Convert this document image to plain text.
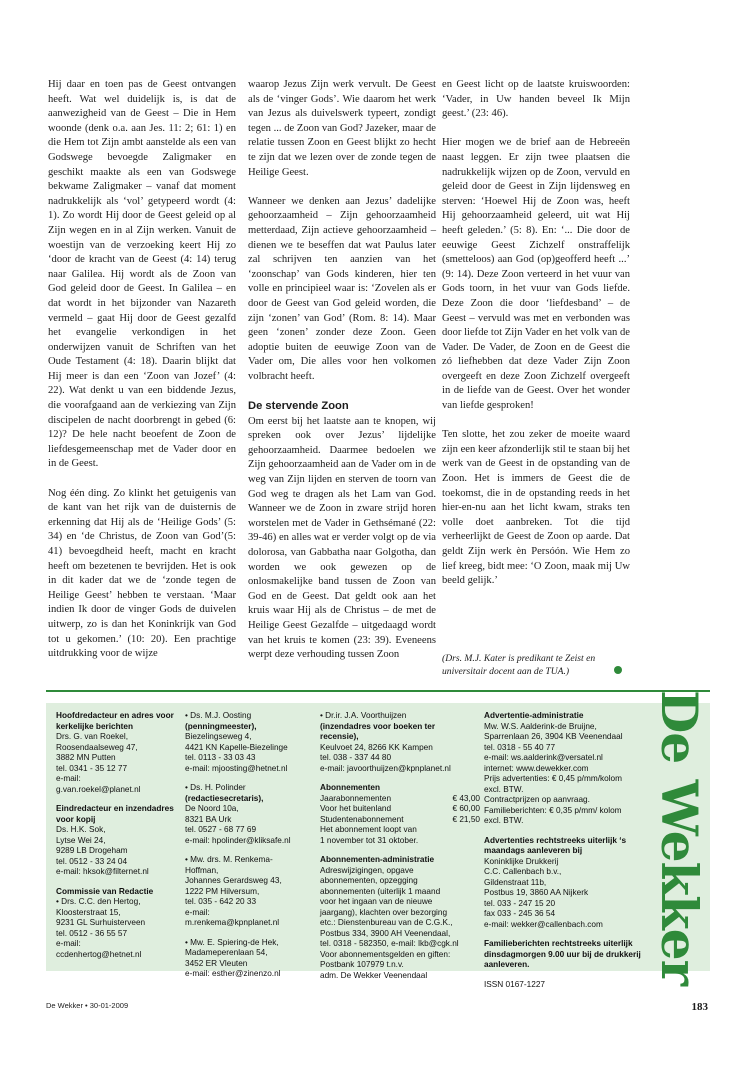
Hij daar en toen pas de Geest ontvangen heeft. Wat wel duidelijk is, is dat de aanwezigheid van de Geest – Die in Hem woonde (denk o.a. aan Jes. 11: 2; 61: 1) en die Hem tot Zijn ambt aanstelde als een van Godswege bevoegde Zaligmaker en geschikt maakte als een van Godswege bekwame Zaligmaker – vanaf dat moment nadrukkelijk als ‘vol’ getypeerd wordt (4: 1). Zo wordt Hij door de Geest geleid op al Zijn wegen en in al Zijn werken. Vanuit de woestijn van de verzoeking keert Hij zo ‘door de kracht van de Geest (4: 14) terug naar Galilea. Hij wordt als de Zoon van God geleid door de Geest. In Galilea – en dat wordt in het bijzonder van Nazareth vermeld – gaat Hij door de Geest gezalfd het evangelie verkondigen in het onderwijzen vanuit de Schriften van het Oude Testament (4: 18). Daarin blijkt dat Hij meer is dan een ‘Zoon van Jozef’ (4: 22). Wat denkt u van een biddende Jezus, die voorafgaand aan de verkiezing van Zijn discipelen de nacht doorbrengt in gebed (6: 12)? De hele nacht beoefent de Zoon de liefdesgemeenschap met de Vader door en in de Geest.

Nog één ding. Zo klinkt het getuigenis van de kant van het rijk van de duisternis de erkenning dat Hij als de ‘Heilige Gods’ (5: 34) en ‘de Christus, de Zoon van God’(5: 41) bevoegdheid heeft, macht en kracht heeft om bezetenen te bevrijden. Het is ook in dit kader dat we de ‘zonde tegen de Heilige Geest’ hebben te verstaan. ‘Maar indien Ik door de vinger Gods de duivelen uitwerp, zo is dan het Koninkrijk van God tot u gekomen.’ (10: 20). Een prachtige uitdrukking voor de wijze

waarop Jezus Zijn werk vervult. De Geest als de ‘vinger Gods’. Wie daarom het werk van Jezus als duivelswerk typeert, zondigt tegen ... de Zoon van God? Jazeker, maar de relatie tussen Zoon en Geest blijkt zo hecht te zijn dat we lezen over de zonde tegen de Heilige Geest.

Wanneer we denken aan Jezus’ dadelijke gehoorzaamheid – Zijn gehoorzaamheid metterdaad, Zijn actieve gehoorzaamheid – dienen we te beseffen dat wat Paulus later zal schrijven ten aanzien van het ‘zoonschap’ van Gods kinderen, hier ten volle en principieel waar is: ‘Zovelen als er door de Geest van God geleid worden, die zijn ‘zonen’ van God’ (Rom. 8: 14). Maar geen ‘zonen’ zonder deze Zoon. Geen adoptie buiten de eeuwige Zoon van de Vader om, Die alles voor hen volkomen volbracht heeft.

De stervende Zoon

Om eerst bij het laatste aan te knopen, wij spreken ook over Jezus’ lijdelijke gehoorzaamheid. Daarmee bedoelen we Zijn gehoorzaamheid aan de Vader om in de weg van Zijn lijden en sterven de toorn van God weg te dragen als het Lam van God. Wanneer we de Zoon in zware strijd horen worstelen met de Vader in Gethsémané (22: 39-46) en alles wat er verder volgt op de via dolorosa, van Gabbatha naar Golgotha, dan worden we ook gewezen op de onlosmakelijke band tussen de Zoon van God en de Geest. Dat geldt ook aan het kruis waar Hij als de Christus – de met de Heilige Geest Gezalfde – uitgedaagd wordt van het kruis te komen (23: 39). Eveneens werpt deze verhouding tussen Zoon

en Geest licht op de laatste kruiswoorden: ‘Vader, in Uw handen beveel Ik Mijn geest.’ (23: 46).

Hier mogen we de brief aan de Hebreeën naast leggen. Er zijn twee plaatsen die nadrukkelijk wijzen op de Zoon, vervuld en geleid door de Geest in Zijn lijdensweg en sterven: ‘Hoewel Hij de Zoon was, heeft Hij gehoorzaamheid geleerd, uit wat Hij heeft geleden.’ (5: 8). En: ‘... Die door de eeuwige Geest Zichzelf onstraffelijk (smetteloos) aan God (op)geofferd heeft ...’ (9: 14). Deze Zoon verteerd in het vuur van Gods toorn, in het vuur van Gods liefde. Deze Zoon die door ‘liefdesband’ – de Geest – vervuld was met en verbonden was door liefde tot Zijn Vader en het volk van de Vader. De Vader, de Zoon en de Geest die zó liefhebben dat deze Vader Zijn Zoon overgeeft en deze Zoon Zichzelf overgeeft in de liefde van de Geest. Over het wonder van liefde gesproken!

Ten slotte, het zou zeker de moeite waard zijn een keer afzonderlijk stil te staan bij het werk van de Geest in de opstanding van de Zoon. Het is immers de Geest die de toekomst, die in de opstanding reeds in het hier-en-nu aan het licht kwam, straks ten volle doet aanbreken. Tot die tijd verheerlijkt de Geest de Zoon op aarde. Dat geldt Zijn werk èn Persóón. Wie Hem zo lief kreeg, bidt mee: ‘O Zoon, maak mij Uw beeld gelijk.’

(Drs. M.J. Kater is predikant te Zeist en universitair docent aan de TUA.)
Hoofdredacteur en adres voor kerkelijke berichten
Drs. G. van Roekel,
Roosendaalseweg 47,
3882 MN Putten
tel. 0341 - 35 12 77
e-mail:
g.van.roekel@planet.nl
Eindredacteur en inzendadres voor kopij
Ds. H.K. Sok,
Lytse Wei 24,
9289 LB Drogeham
tel. 0512 - 33 24 04
e-mail: hksok@filternet.nl
Commissie van Redactie
• Drs. C.C. den Hertog,
Kloosterstraat 15,
9231 GL Surhuisterveen
tel. 0512 - 36 55 57
e-mail:
ccdenhertog@hetnet.nl
• Ds. M.J. Oosting
(penningmeester),
Biezelingseweg 4,
4421 KN Kapelle-Biezelinge
tel. 0113 - 33 03 43
e-mail: mjoosting@hetnet.nl
• Ds. H. Polinder
(redactiesecretaris),
De Noord 10a,
8321 BA Urk
tel. 0527 - 68 77 69
e-mail: hpolinder@kliksafe.nl
• Mw. drs. M. Renkema-
Hoffman,
Johannes Gerardsweg 43,
1222 PM Hilversum,
tel. 035 - 642 20 33
e-mail:
m.renkema@kpnplanet.nl
• Mw. E. Spiering-de Hek,
Madameperenlaan 54,
3452 ER Vleuten
e-mail: esther@zinenzo.nl
• Dr.ir. J.A. Voorthuijzen
(inzendadres voor boeken ter
recensie),
Keulvoet 24, 8266 KK Kampen
tel. 038 - 337 44 80
e-mail: javoorthuijzen@kpnplanet.nl
Abonnementen
Jaarabonnementen	€ 43,00
Voor het buitenland	€ 60,00
Studentenabonnement	€ 21,50
Het abonnement loopt van
1 november tot 31 oktober.
Abonnementen-administratie
Adreswijzigingen, opgave
abonnementen, opzegging
abonnementen (uiterlijk 1 maand
voor het ingaan van de nieuwe
jaargang), klachten over bezorging
etc.: Dienstenbureau van de C.G.K.,
Postbus 334, 3900 AH Veenendaal,
tel. 0318 - 582350, e-mail: lkb@cgk.nl
Voor abonnementsgelden en giften:
Postbank 107979 t.n.v.
adm. De Wekker Veenendaal
Advertentie-administratie
Mw. W.S. Aalderink-de Bruijne,
Sparrenlaan 26, 3904 KB Veenendaal
tel. 0318 - 55 40 77
e-mail: ws.aalderink@versatel.nl
internet: www.dewekker.com
Prijs advertenties: € 0,45 p/mm/kolom
excl. BTW.
Contractprijzen op aanvraag.
Familieberichten: € 0,35 p/mm/ kolom
excl. BTW.
Advertenties rechtstreeks uiterlijk ‘s maandags aanleveren bij
Koninklijke Drukkerij
C.C. Callenbach b.v.,
Gildenstraat 11b,
Postbus 19, 3860 AA Nijkerk
tel. 033 - 247 15 20
fax 033 - 245 36 54
e-mail: wekker@callenbach.com
Familieberichten rechtstreeks uiterlijk dinsdagmorgen 9.00 uur bij de drukkerij aanleveren.
ISSN 0167-1227	De Wekker
De Wekker • 30-01-2009	183
